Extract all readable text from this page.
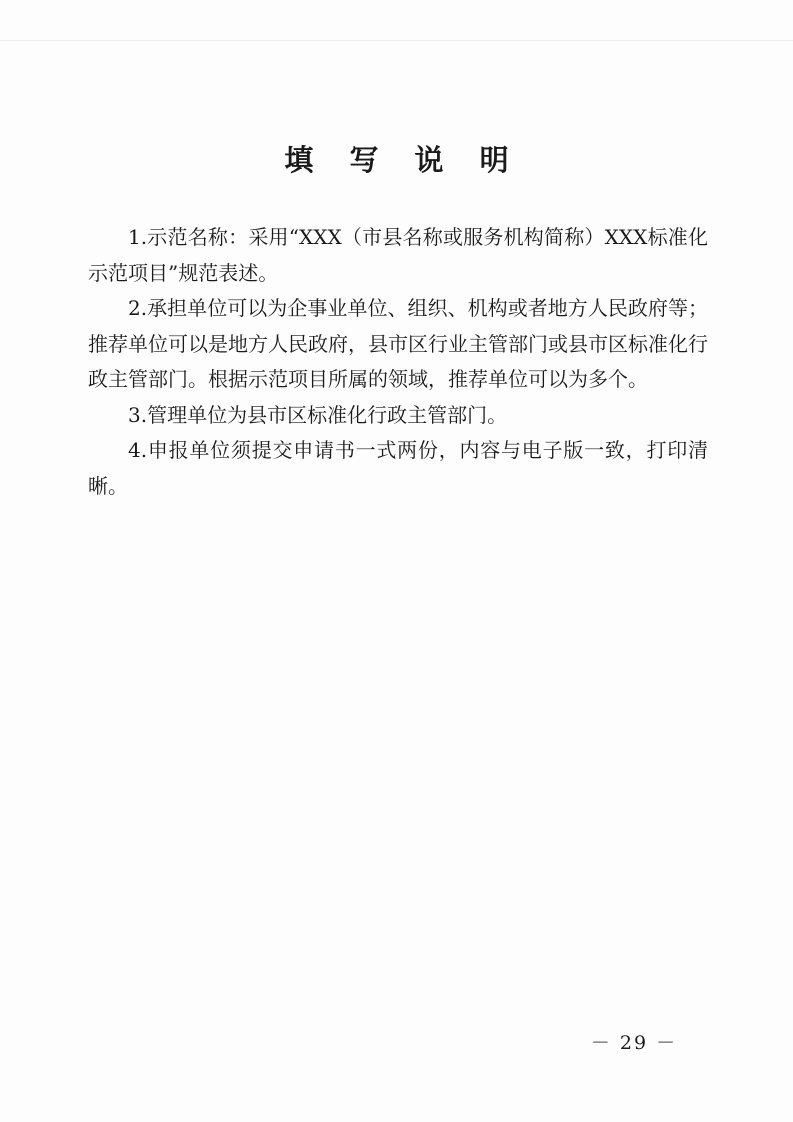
填 写 说 明

1.示范名称：采用“XXX（市县名称或服务机构简称）XXX标准化示范项目”规范表述。

2.承担单位可以为企事业单位、组织、机构或者地方人民政府等；推荐单位可以是地方人民政府，县市区行业主管部门或县市区标准化行政主管部门。根据示范项目所属的领域，推荐单位可以为多个。

3.管理单位为县市区标准化行政主管部门。

4.申报单位须提交申请书一式两份，内容与电子版一致，打印清晰。

－ 29 －
